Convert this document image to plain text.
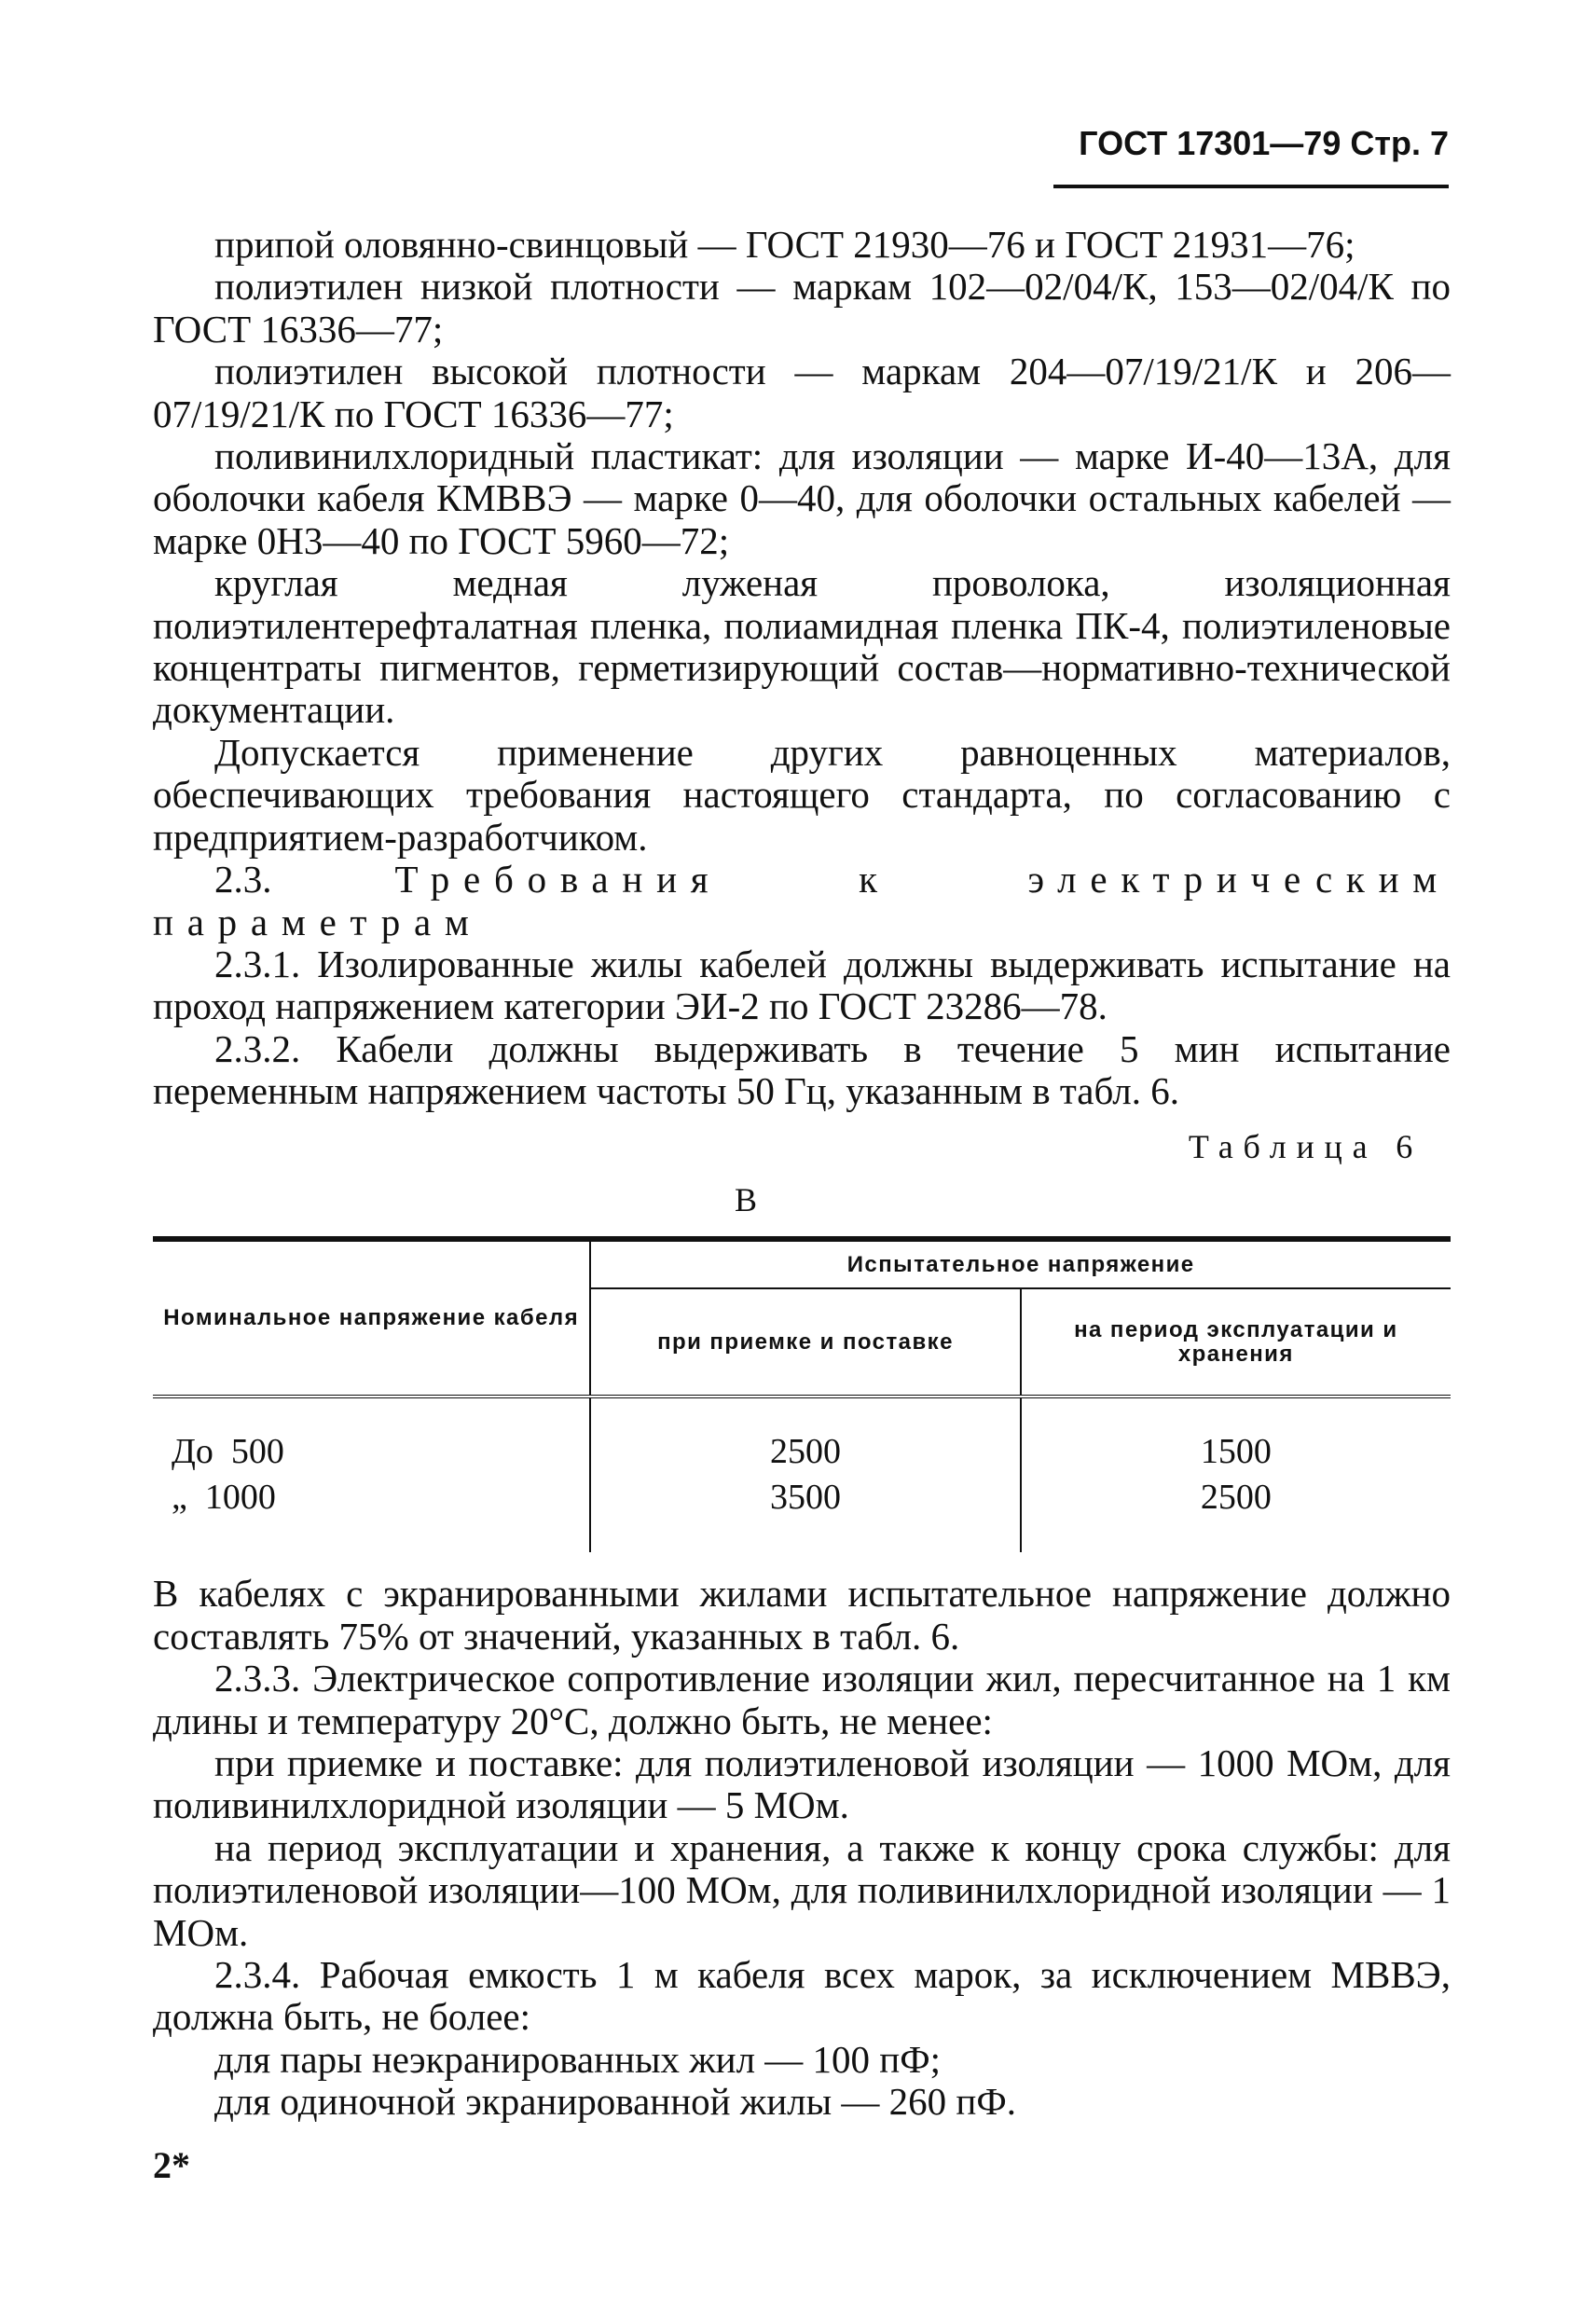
ГОСТ 17301—79 Стр. 7

припой оловянно-свинцовый — ГОСТ 21930—76 и ГОСТ 21931—76;

полиэтилен низкой плотности — маркам 102—02/04/К, 153—02/04/К по ГОСТ 16336—77;

полиэтилен высокой плотности — маркам 204—07/19/21/К и 206—07/19/21/К по ГОСТ 16336—77;

поливинилхлоридный пластикат: для изоляции — марке И-40—13А, для оболочки кабеля КМВВЭ — марке 0—40, для оболочки остальных кабелей — марке 0Н3—40 по ГОСТ 5960—72;

круглая медная луженая проволока, изоляционная полиэтилентерефталатная пленка, полиамидная пленка ПК-4, полиэтиленовые концентраты пигментов, герметизирующий состав—нормативно-технической документации.

Допускается применение других равноценных материалов, обеспечивающих требования настоящего стандарта, по согласованию с предприятием-разработчиком.

2.3.	Требования к электрическим параметрам

2.3.1. Изолированные жилы кабелей должны выдерживать испытание на проход напряжением категории ЭИ-2 по ГОСТ 23286—78.

2.3.2. Кабели должны выдерживать в течение 5 мин испытание переменным напряжением частоты 50 Гц, указанным в табл. 6.

Таблица 6
В
Номинальное напряжение кабеля	Испытательное напряжение	
	при приемке и поставке	на период эксплуатации и хранения
До  500	2500	1500
„  1000	3500	2500

В кабелях с экранированными жилами испытательное напряжение должно составлять 75% от значений, указанных в табл. 6.

2.3.3. Электрическое сопротивление изоляции жил, пересчитанное на 1 км длины и температуру 20°С, должно быть, не менее:

при приемке и поставке: для полиэтиленовой изоляции — 1000 МОм, для поливинилхлоридной изоляции — 5 МОм.

на период эксплуатации и хранения, а также к концу срока службы: для полиэтиленовой изоляции—100 МОм, для поливинилхлоридной изоляции — 1 МОм.

2.3.4. Рабочая емкость 1 м кабеля всех марок, за исключением МВВЭ, должна быть, не более:

для пары неэкранированных жил — 100 пФ;

для одиночной экранированной жилы — 260 пФ.

2*
